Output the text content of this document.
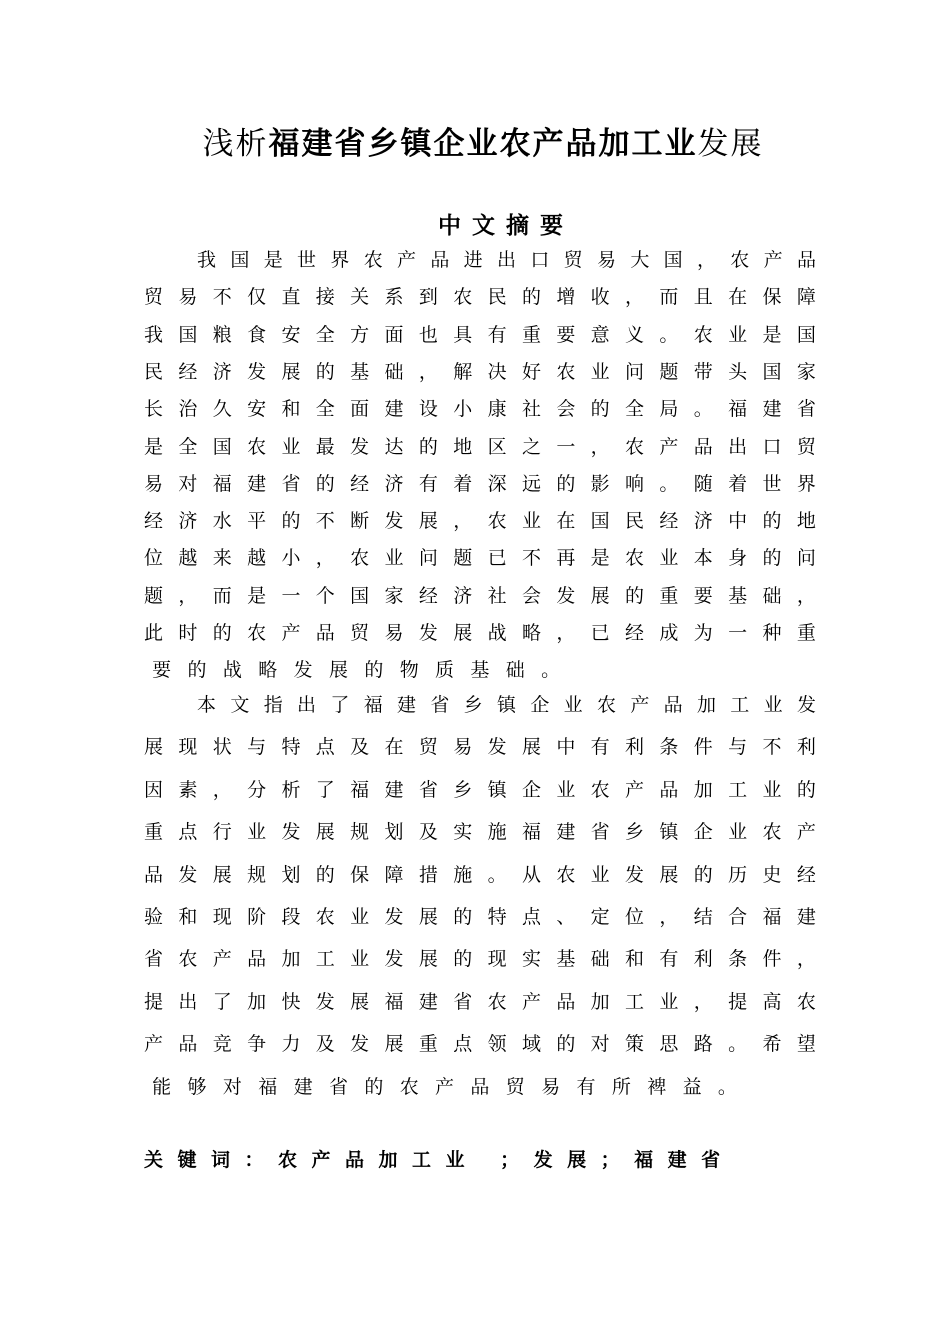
浅析福建省乡镇企业农产品加工业发展
中文摘要
我 国 是 世 界 农 产 品 进 出 口 贸 易 大 国 ， 农 产 品
贸 易 不 仅 直 接 关 系 到 农 民 的 增 收 ， 而 且 在 保 障
我 国 粮 食 安 全 方 面 也 具 有 重 要 意 义 。 农 业 是 国
民 经 济 发 展 的 基 础 ， 解 决 好 农 业 问 题 带 头 国 家
长 治 久 安 和 全 面 建 设 小 康 社 会 的 全 局 。 福 建 省
是 全 国 农 业 最 发 达 的 地 区 之 一 ， 农 产 品 出 口 贸
易 对 福 建 省 的 经 济 有 着 深 远 的 影 响 。 随 着 世 界
经 济 水 平 的 不 断 发 展 ， 农 业 在 国 民 经 济 中 的 地
位 越 来 越 小 ， 农 业 问 题 已 不 再 是 农 业 本 身 的 问
题 ， 而 是 一 个 国 家 经 济 社 会 发 展 的 重 要 基 础 ，
此 时 的 农 产 品 贸 易 发 展 战 略 ， 已 经 成 为 一 种 重
要 的 战 略 发 展 的 物 质 基 础 。
本 文 指 出 了 福 建 省 乡 镇 企 业 农 产 品 加 工 业 发
展 现 状 与 特 点 及 在 贸 易 发 展 中 有 利 条 件 与 不 利
因 素 ， 分 析 了 福 建 省 乡 镇 企 业 农 产 品 加 工 业 的
重 点 行 业 发 展 规 划 及 实 施 福 建 省 乡 镇 企 业 农 产
品 发 展 规 划 的 保 障 措 施 。 从 农 业 发 展 的 历 史 经
验 和 现 阶 段 农 业 发 展 的 特 点 、 定 位 ， 结 合 福 建
省 农 产 品 加 工 业 发 展 的 现 实 基 础 和 有 利 条 件 ，
提 出 了 加 快 发 展 福 建 省 农 产 品 加 工 业 ， 提 高 农
产 品 竞 争 力 及 发 展 重 点 领 域 的 对 策 思 路 。 希 望
能 够 对 福 建 省 的 农 产 品 贸 易 有 所 裨 益 。
关键词：农产品加工业 ；发展；福建省
